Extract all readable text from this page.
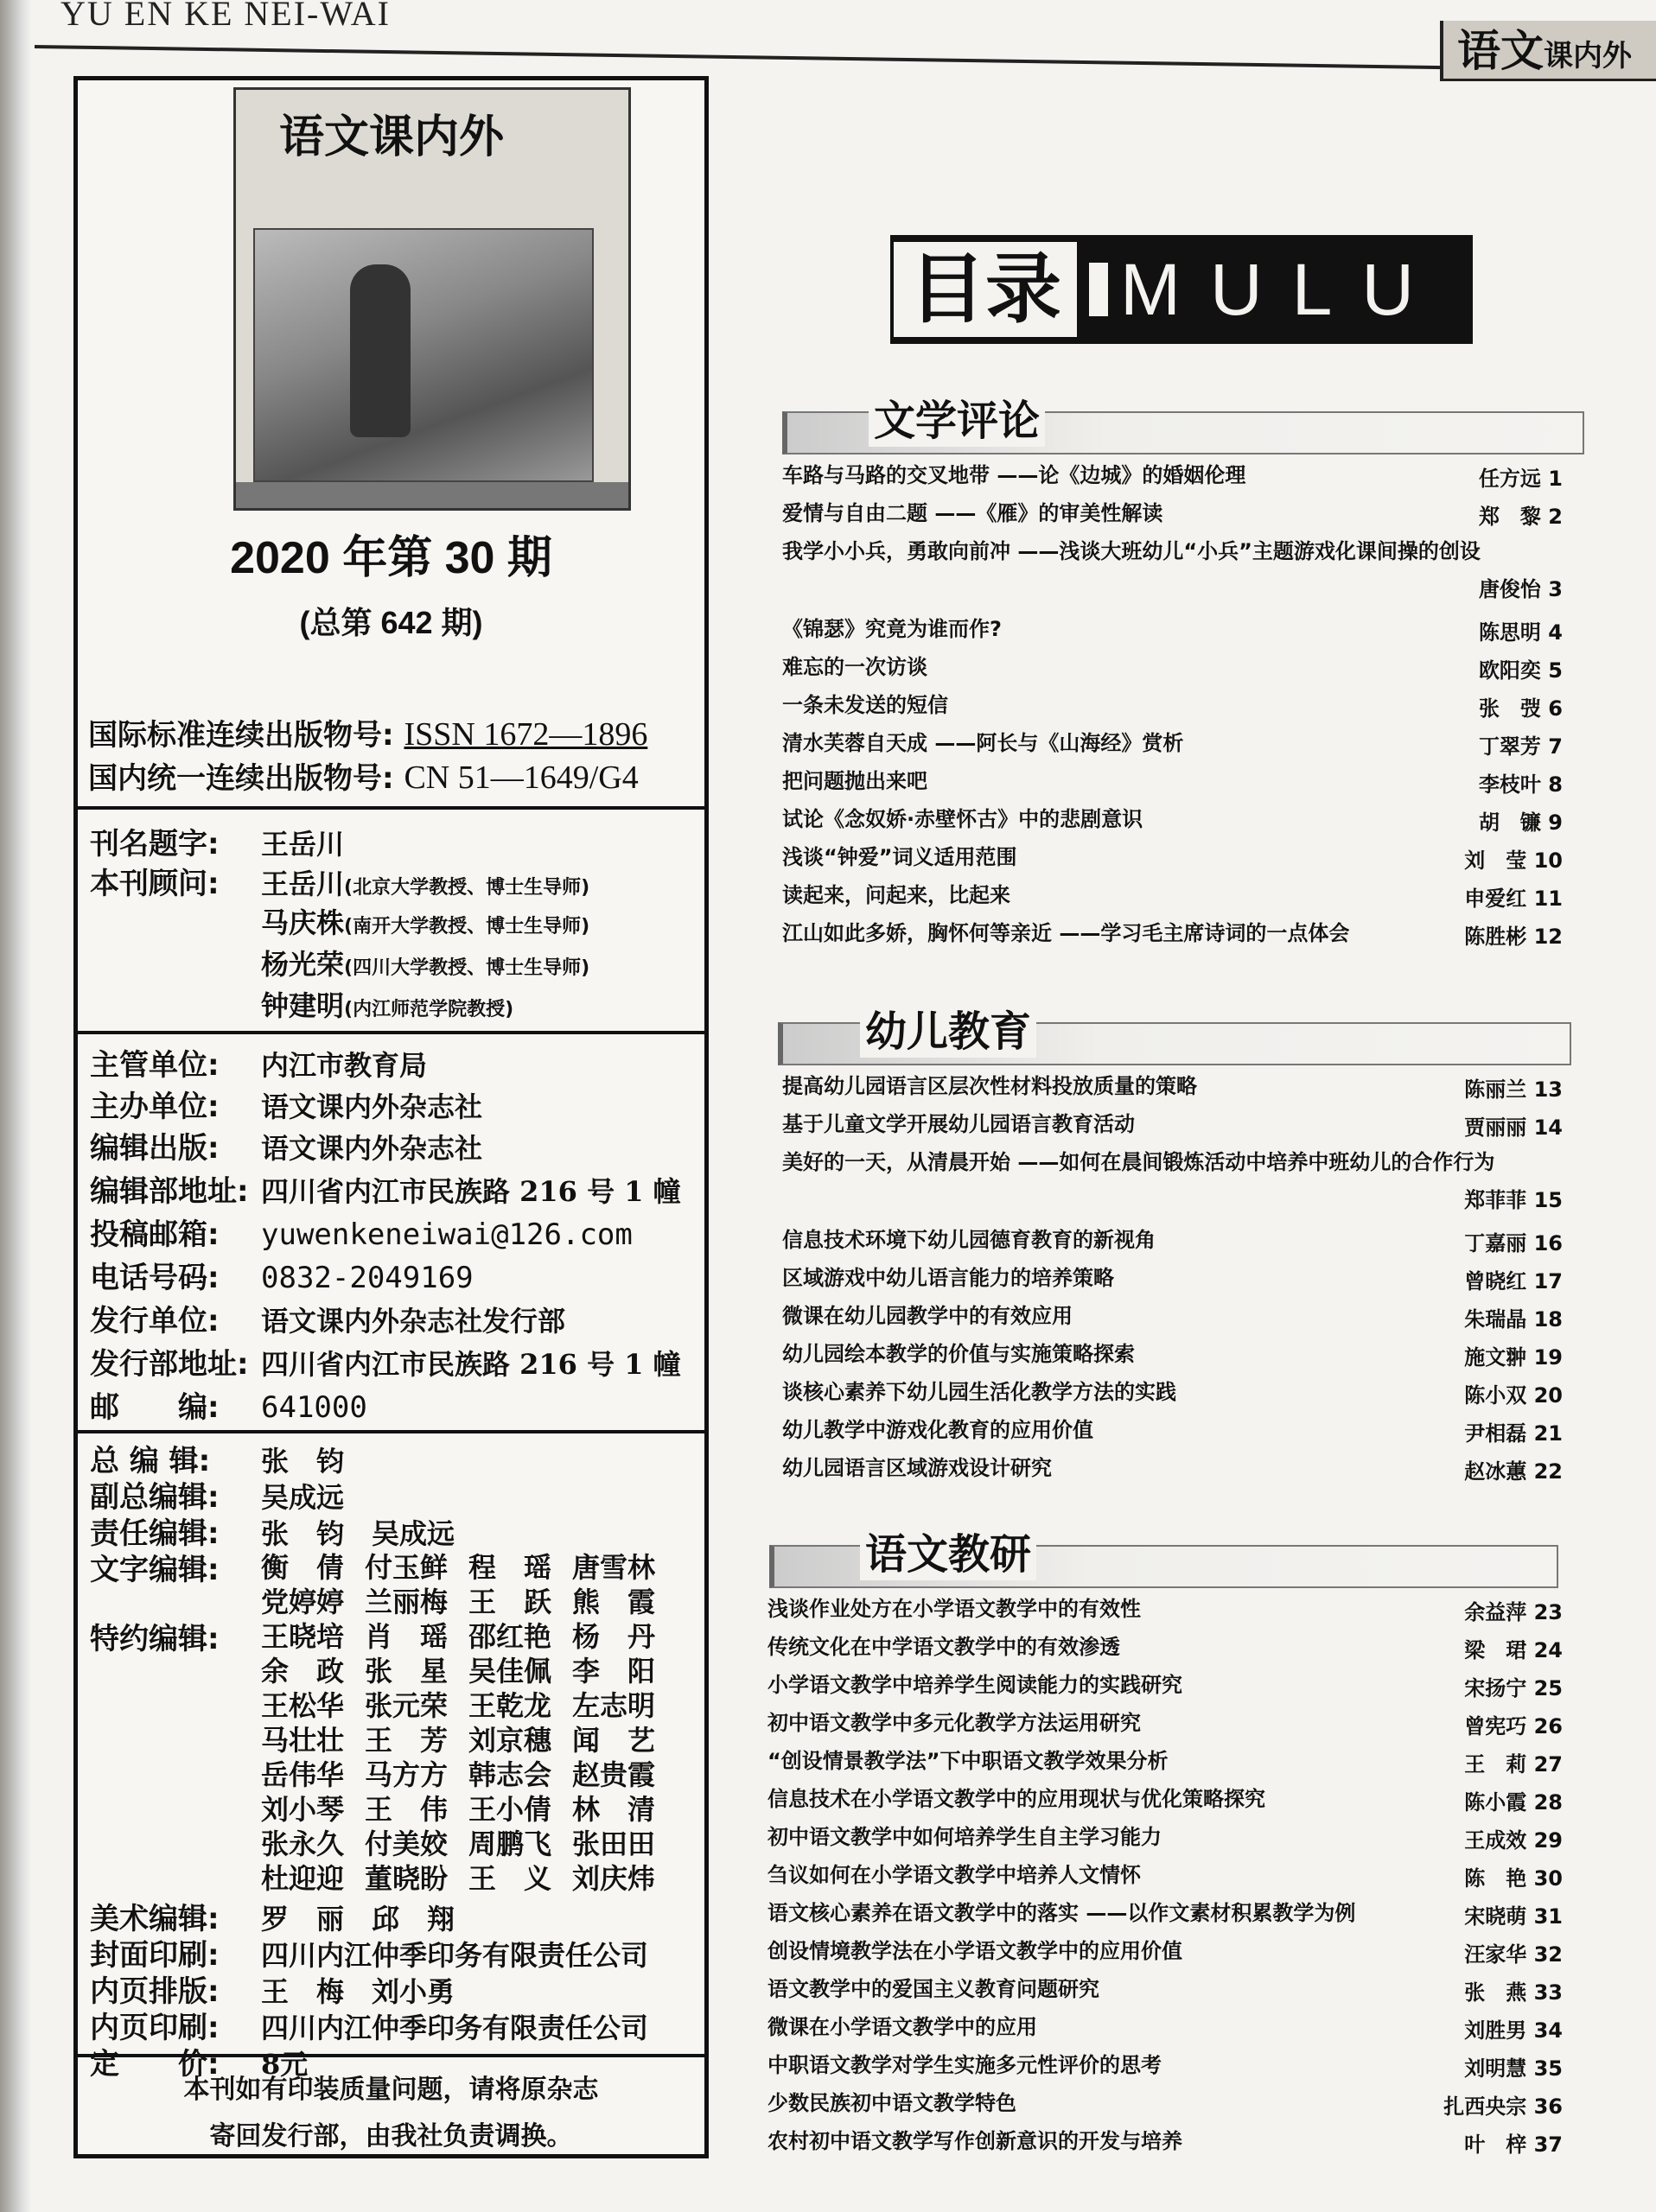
YU EN KE NEI-WAI
语文课内外
语文课内外
2020 年第 30 期
(总第 642 期)
国际标准连续出版物号: ISSN 1672—1896
国内统一连续出版物号: CN 51—1649/G4
刊名题字: 王岳川
本刊顾问: 王岳川(北京大学教授、博士生导师)
马庆株(南开大学教授、博士生导师)
杨光荣(四川大学教授、博士生导师)
钟建明(内江师范学院教授)
主管单位: 内江市教育局
主办单位: 语文课内外杂志社
编辑出版: 语文课内外杂志社
编辑部地址: 四川省内江市民族路 216 号 1 幢
投稿邮箱: yuwenkeneiwai@126.com
电话号码: 0832-2049169
发行单位: 语文课内外杂志社发行部
发行部地址: 四川省内江市民族路 216 号 1 幢
邮　　编: 641000
总 编 辑: 张　钧
副总编辑: 吴成远
责任编辑: 张　钧　吴成远
文字编辑:	衡　倩 付玉鲜 程　瑶 唐雪林
党婷婷 兰丽梅 王　跃 熊　霞
特约编辑:	王晓培 肖　瑶 邵红艳 杨　丹
余　政 张　星 吴佳佩 李　阳
王松华 张元荣 王乾龙 左志明
马壮壮 王　芳 刘京穗 闻　艺
岳伟华 马方方 韩志会 赵贵霞
刘小琴 王　伟 王小倩 林　清
张永久 付美姣 周鹏飞 张田田
杜迎迎 董晓盼 王　义 刘庆炜
美术编辑: 罗　丽　邱　翔
封面印刷: 四川内江仲季印务有限责任公司
内页排版: 王　梅　刘小勇
内页印刷: 四川内江仲季印务有限责任公司
定　　价: 8元
本刊如有印装质量问题，请将原杂志
寄回发行部，由我社负责调换。
目录 MULU
文学评论
车路与马路的交叉地带 ——论《边城》的婚姻伦理	任方远 1
爱情与自由二题 ——《雁》的审美性解读	郑　黎 2
我学小小兵，勇敢向前冲 ——浅谈大班幼儿“小兵”主题游戏化课间操的创设
唐俊怡 3
《锦瑟》究竟为谁而作?	陈思明 4
难忘的一次访谈	欧阳奕 5
一条未发送的短信	张　弢 6
清水芙蓉自天成 ——阿长与《山海经》赏析	丁翠芳 7
把问题抛出来吧	李枝叶 8
试论《念奴娇·赤壁怀古》中的悲剧意识	胡　镰 9
浅谈“钟爱”词义适用范围	刘　莹 10
读起来，问起来，比起来	申爱红 11
江山如此多娇，胸怀何等亲近 ——学习毛主席诗词的一点体会	陈胜彬 12
幼儿教育
提高幼儿园语言区层次性材料投放质量的策略	陈丽兰 13
基于儿童文学开展幼儿园语言教育活动	贾丽丽 14
美好的一天，从清晨开始 ——如何在晨间锻炼活动中培养中班幼儿的合作行为
郑菲菲 15
信息技术环境下幼儿园德育教育的新视角	丁嘉丽 16
区域游戏中幼儿语言能力的培养策略	曾晓红 17
微课在幼儿园教学中的有效应用	朱瑞晶 18
幼儿园绘本教学的价值与实施策略探索	施文翀 19
谈核心素养下幼儿园生活化教学方法的实践	陈小双 20
幼儿教学中游戏化教育的应用价值	尹相磊 21
幼儿园语言区域游戏设计研究	赵冰蕙 22
语文教研
浅谈作业处方在小学语文教学中的有效性	余益萍 23
传统文化在中学语文教学中的有效渗透	梁　珺 24
小学语文教学中培养学生阅读能力的实践研究	宋扬宁 25
初中语文教学中多元化教学方法运用研究	曾宪巧 26
“创设情景教学法”下中职语文教学效果分析	王　莉 27
信息技术在小学语文教学中的应用现状与优化策略探究	陈小霞 28
初中语文教学中如何培养学生自主学习能力	王成效 29
刍议如何在小学语文教学中培养人文情怀	陈　艳 30
语文核心素养在语文教学中的落实 ——以作文素材积累教学为例	宋晓萌 31
创设情境教学法在小学语文教学中的应用价值	汪家华 32
语文教学中的爱国主义教育问题研究	张　燕 33
微课在小学语文教学中的应用	刘胜男 34
中职语文教学对学生实施多元性评价的思考	刘明慧 35
少数民族初中语文教学特色	扎西央宗 36
农村初中语文教学写作创新意识的开发与培养	叶　梓 37
